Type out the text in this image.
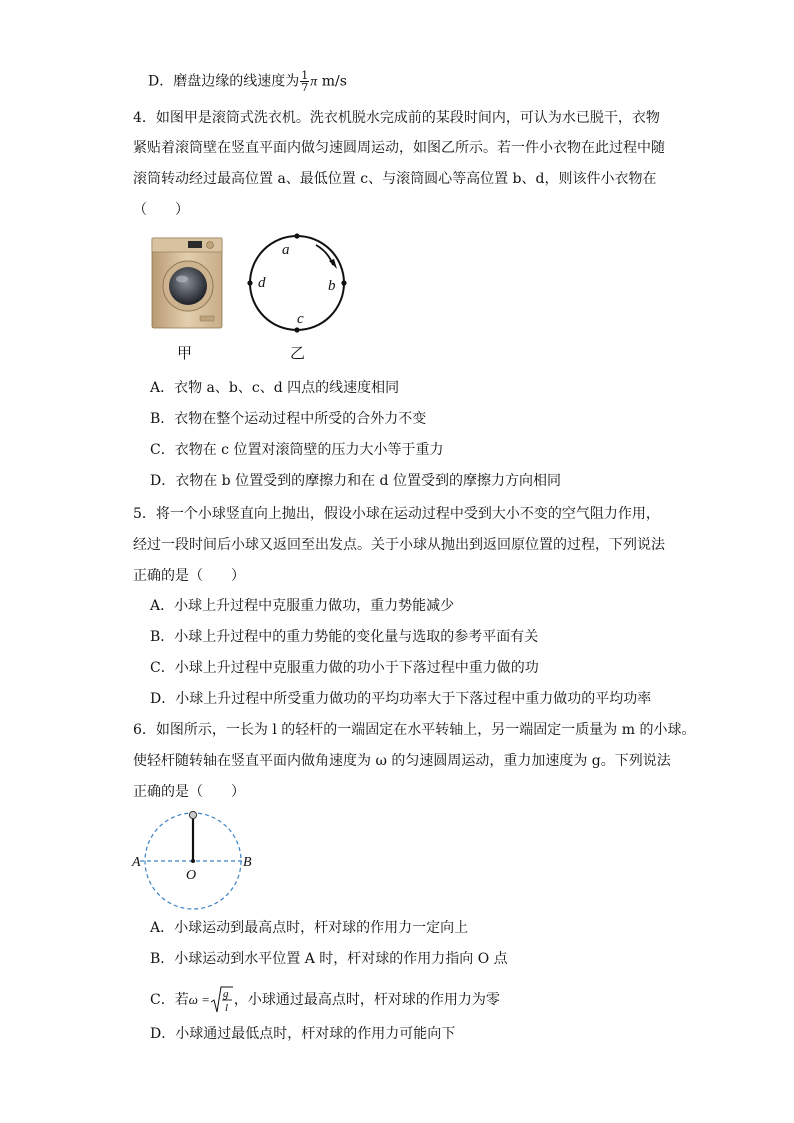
D．磨盘边缘的线速度为 $\frac{1}{7}$ π m/s
4．如图甲是滚筒式洗衣机。洗衣机脱水完成前的某段时间内，可认为水已脱干，衣物
紧贴着滚筒壁在竖直平面内做匀速圆周运动，如图乙所示。若一件小衣物在此过程中随
滚筒转动经过最高位置 a、最低位置 c、与滚筒圆心等高位置 b、d，则该件小衣物在
（　　）
甲
a
d	b
c
乙
A．衣物 a、b、c、d 四点的线速度相同
B．衣物在整个运动过程中所受的合外力不变
C．衣物在 c 位置对滚筒壁的压力大小等于重力
D．衣物在 b 位置受到的摩擦力和在 d 位置受到的摩擦力方向相同
5．将一个小球竖直向上抛出，假设小球在运动过程中受到大小不变的空气阻力作用，
经过一段时间后小球又返回至出发点。关于小球从抛出到返回原位置的过程，下列说法
正确的是（　　）
A．小球上升过程中克服重力做功，重力势能减少
B．小球上升过程中的重力势能的变化量与选取的参考平面有关
C．小球上升过程中克服重力做的功小于下落过程中重力做的功
D．小球上升过程中所受重力做功的平均功率大于下落过程中重力做功的平均功率
6．如图所示，一长为 l 的轻杆的一端固定在水平转轴上，另一端固定一质量为 m 的小球。
使轻杆随转轴在竖直平面内做角速度为 ω 的匀速圆周运动，重力加速度为 g。下列说法
正确的是（　　）
A	B
O
A．小球运动到最高点时，杆对球的作用力一定向上
B．小球运动到水平位置 A 时，杆对球的作用力指向 O 点
C．若ω = g
l ，小球通过最高点时，杆对球的作用力为零
D．小球通过最低点时，杆对球的作用力可能向下
